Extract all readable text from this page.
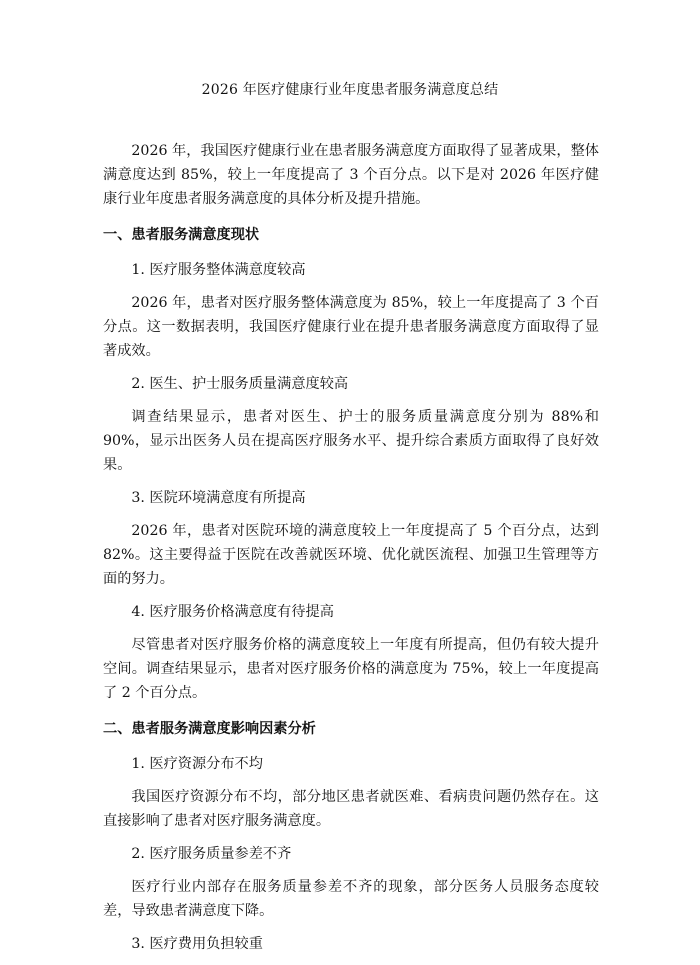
2026 年医疗健康行业年度患者服务满意度总结

2026 年，我国医疗健康行业在患者服务满意度方面取得了显著成果，整体满意度达到 85%，较上一年度提高了 3 个百分点。以下是对 2026 年医疗健康行业年度患者服务满意度的具体分析及提升措施。

一、患者服务满意度现状

1. 医疗服务整体满意度较高

2026 年，患者对医疗服务整体满意度为 85%，较上一年度提高了 3 个百分点。这一数据表明，我国医疗健康行业在提升患者服务满意度方面取得了显著成效。

2. 医生、护士服务质量满意度较高

调查结果显示，患者对医生、护士的服务质量满意度分别为 88%和 90%，显示出医务人员在提高医疗服务水平、提升综合素质方面取得了良好效果。

3. 医院环境满意度有所提高

2026 年，患者对医院环境的满意度较上一年度提高了 5 个百分点，达到 82%。这主要得益于医院在改善就医环境、优化就医流程、加强卫生管理等方面的努力。

4. 医疗服务价格满意度有待提高

尽管患者对医疗服务价格的满意度较上一年度有所提高，但仍有较大提升空间。调查结果显示，患者对医疗服务价格的满意度为 75%，较上一年度提高了 2 个百分点。

二、患者服务满意度影响因素分析

1. 医疗资源分布不均

我国医疗资源分布不均，部分地区患者就医难、看病贵问题仍然存在。这直接影响了患者对医疗服务满意度。

2. 医疗服务质量参差不齐

医疗行业内部存在服务质量参差不齐的现象，部分医务人员服务态度较差，导致患者满意度下降。

3. 医疗费用负担较重
